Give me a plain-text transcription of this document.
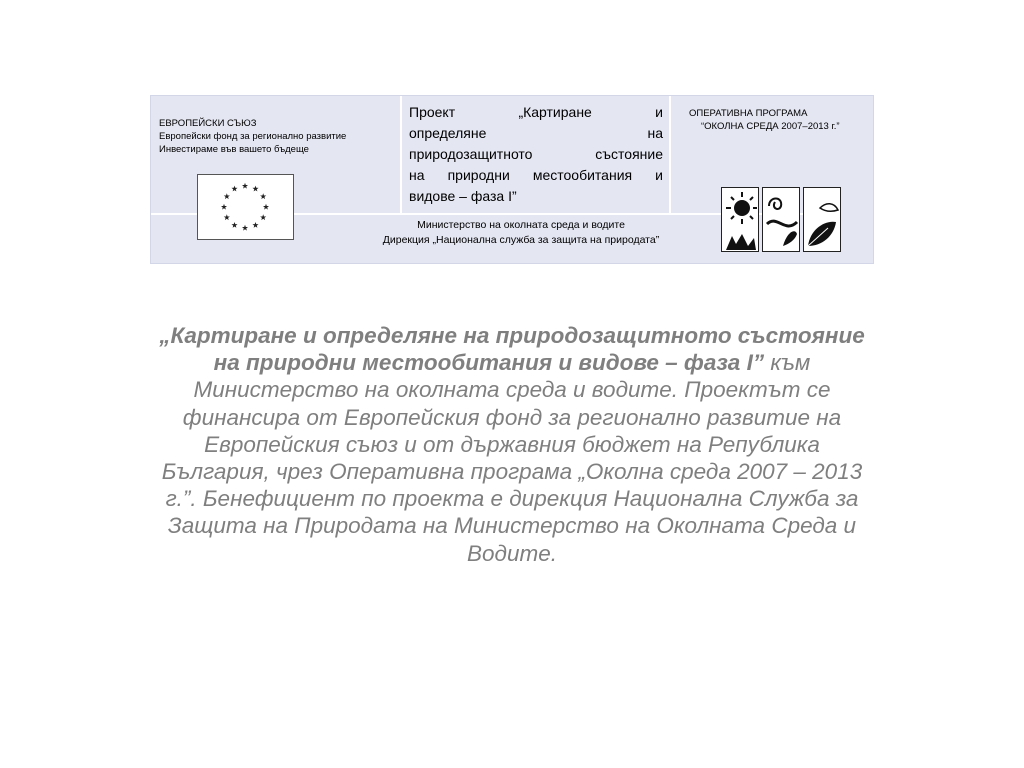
ЕВРОПЕЙСКИ СЪЮЗ
Европейски фонд за регионално развитие
Инвестираме във вашето бъдеще
Проект „Картиране и
определяне на
природозащитното състояние
на природни местообитания и
видове – фаза I”
ОПЕРАТИВНА ПРОГРАМА
“ОКОЛНА СРЕДА 2007–2013 г.”
Министерство на околната среда и водите
Дирекция „Национална служба за защита на природата”
„Картиране и определяне на природозащитното състояние на природни местообитания и видове – фаза I” към Министерство на околната среда и водите. Проектът се финансира от Европейския фонд за регионално развитие на Европейския съюз и от държавния бюджет на Република България, чрез Оперативна програма „Околна среда 2007 – 2013 г.”. Бенефициент по проекта е дирекция Национална Служба за Защита на Природата на Министерство на Околната Среда и Водите.
